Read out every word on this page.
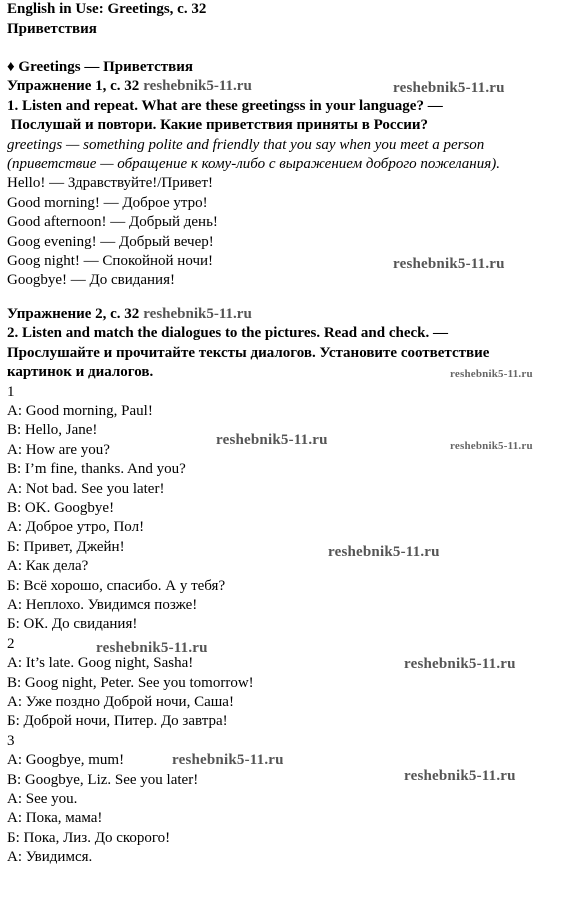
English in Use: Greetings, с. 32
Приветствия
♦ Greetings — Приветствия
Упражнение 1, с. 32 reshebnik5-11.ru
1. Listen and repeat. What are these greetingss in your language? —
Послушай и повтори. Какие приветствия приняты в России?
greetings — something polite and friendly that you say when you meet a person
(приветствие — обращение к кому-либо с выражением доброго пожелания).
Hello! — Здравствуйте!/Привет!
Good morning! — Доброе утро!
Good afternoon! — Добрый день!
Goog evening! — Добрый вечер!
Goog night! — Спокойной ночи!
Googbye! — До свидания!
Упражнение 2, с. 32 reshebnik5-11.ru
2. Listen and match the dialogues to the pictures. Read and check. —
Прослушайте и прочитайте тексты диалогов. Установите соответствие
картинок и диалогов.
1
A: Good morning, Paul!
B: Hello, Jane!
A: How are you?
B: I’m fine, thanks. And you?
A: Not bad. See you later!
B: OK. Googbye!
А: Доброе утро, Пол!
Б: Привет, Джейн!
А: Как дела?
Б: Всё хорошо, спасибо. А у тебя?
А: Неплохо. Увидимся позже!
Б: ОК. До свидания!
2
A: It’s late. Goog night, Sasha!
B: Goog night, Peter. See you tomorrow!
А: Уже поздно Доброй ночи, Саша!
Б: Доброй ночи, Питер. До завтра!
3
A: Googbye, mum!
B: Googbye, Liz. See you later!
A: See you.
А: Пока, мама!
Б: Пока, Лиз. До скорого!
А: Увидимся.
reshebnik5-11.ru
reshebnik5-11.ru
reshebnik5-11.ru
reshebnik5-11.ru	reshebnik5-11.ru
reshebnik5-11.ru
reshebnik5-11.ru
reshebnik5-11.ru
reshebnik5-11.ru
reshebnik5-11.ru
